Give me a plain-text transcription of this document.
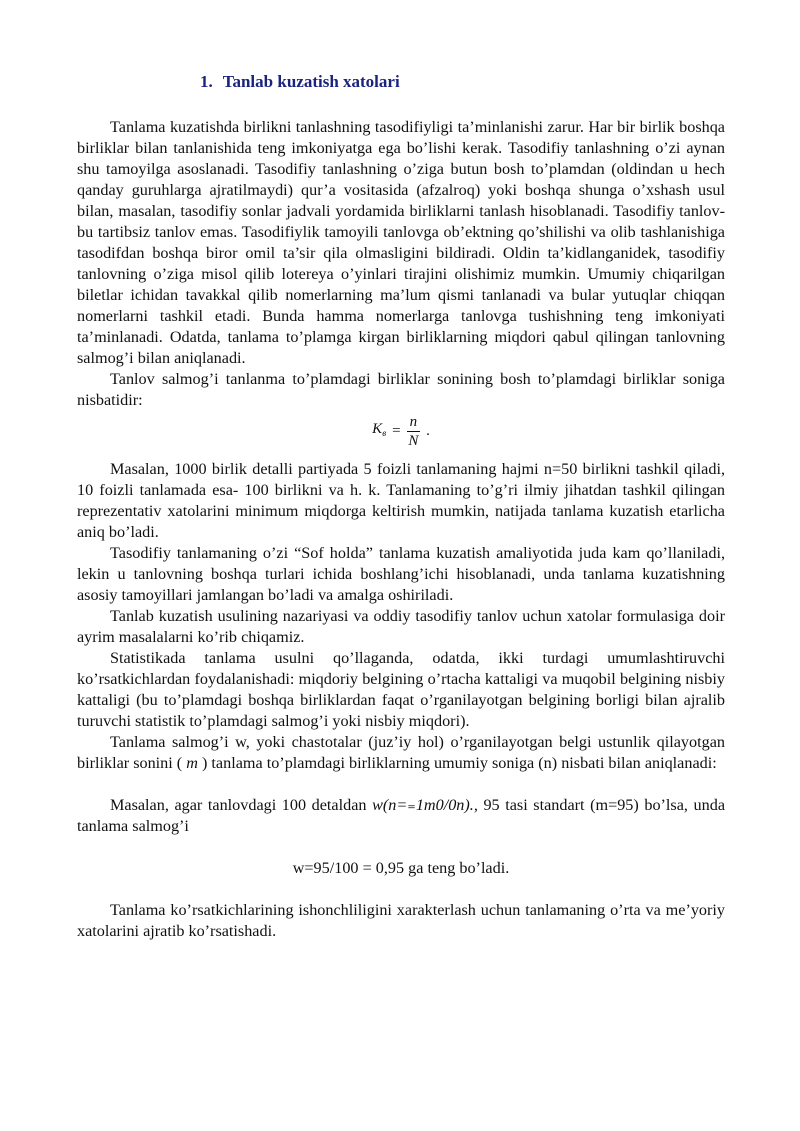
1. Tanlab kuzatish xatolari

Tanlama kuzatishda birlikni tanlashning tasodifiyligi ta’minlanishi zarur. Har bir birlik boshqa birliklar bilan tanlanishida teng imkoniyatga ega bo’lishi kerak. Tasodifiy tanlashning o’zi aynan shu tamoyilga asoslanadi. Tasodifiy tanlashning o’ziga butun bosh to’plamdan (oldindan u hech qanday guruhlarga ajratilmaydi) qur’a vositasida (afzalroq) yoki boshqa shunga o’xshash usul bilan, masalan, tasodifiy sonlar jadvali yordamida birliklarni tanlash hisoblanadi. Tasodifiy tanlov- bu tartibsiz tanlov emas. Tasodifiylik tamoyili tanlovga ob’ektning qo’shilishi va olib tashlanishiga tasodifdan boshqa biror omil ta’sir qila olmasligini bildiradi. Oldin ta’kidlanganidek, tasodifiy tanlovning o’ziga misol qilib lotereya o’yinlari tirajini olishimiz mumkin. Umumiy chiqarilgan biletlar ichidan tavakkal qilib nomerlarning ma’lum qismi tanlanadi va bular yutuqlar chiqqan nomerlarni tashkil etadi. Bunda hamma nomerlarga tanlovga tushishning teng imkoniyati ta’minlanadi. Odatda, tanlama to’plamga kirgan birliklarning miqdori qabul qilingan tanlovning salmog’i bilan aniqlanadi.

Tanlov salmog’i tanlanma to’plamdagi birliklar sonining bosh to’plamdagi birliklar soniga nisbatidir:

$K_в = \frac{n}{N}$ .

Masalan, 1000 birlik detalli partiyada 5 foizli tanlamaning hajmi n=50 birlikni tashkil qiladi, 10 foizli tanlamada esa- 100 birlikni va h. k. Tanlamaning to’g’ri ilmiy jihatdan tashkil qilingan reprezentativ xatolarini minimum miqdorga keltirish mumkin, natijada tanlama kuzatish etarlicha aniq bo’ladi.

Tasodifiy tanlamaning o’zi “Sof holda” tanlama kuzatish amaliyotida juda kam qo’llaniladi, lekin u tanlovning boshqa turlari ichida boshlang’ichi hisoblanadi, unda tanlama kuzatishning asosiy tamoyillari jamlangan bo’ladi va amalga oshiriladi.

Tanlab kuzatish usulining nazariyasi va oddiy tasodifiy tanlov uchun xatolar formulasiga doir ayrim masalalarni ko’rib chiqamiz.

Statistikada tanlama usulni qo’llaganda, odatda, ikki turdagi umumlashtiruvchi ko’rsatkichlardan foydalanishadi: miqdoriy belgining o’rtacha kattaligi va muqobil belgining nisbiy kattaligi (bu to’plamdagi boshqa birliklardan faqat o’rganilayotgan belgining borligi bilan ajralib turuvchi statistik to’plamdagi salmog’i yoki nisbiy miqdori).

Tanlama salmog’i w, yoki chastotalar (juz’iy hol) o’rganilayotgan belgi ustunlik qilayotgan birliklar sonini ( m ) tanlama to’plamdagi birliklarning umumiy soniga (n) nisbati bilan aniqlanadi:

Masalan, agar tanlovdagi 100 detaldan w(n=₌1m0/0n)., 95 tasi standart (m=95) bo’lsa, unda tanlama salmog’i

w=95/100 = 0,95 ga teng bo’ladi.

Tanlama ko’rsatkichlarining ishonchliligini xarakterlash uchun tanlamaning o’rta va me’yoriy xatolarini ajratib ko’rsatishadi.
